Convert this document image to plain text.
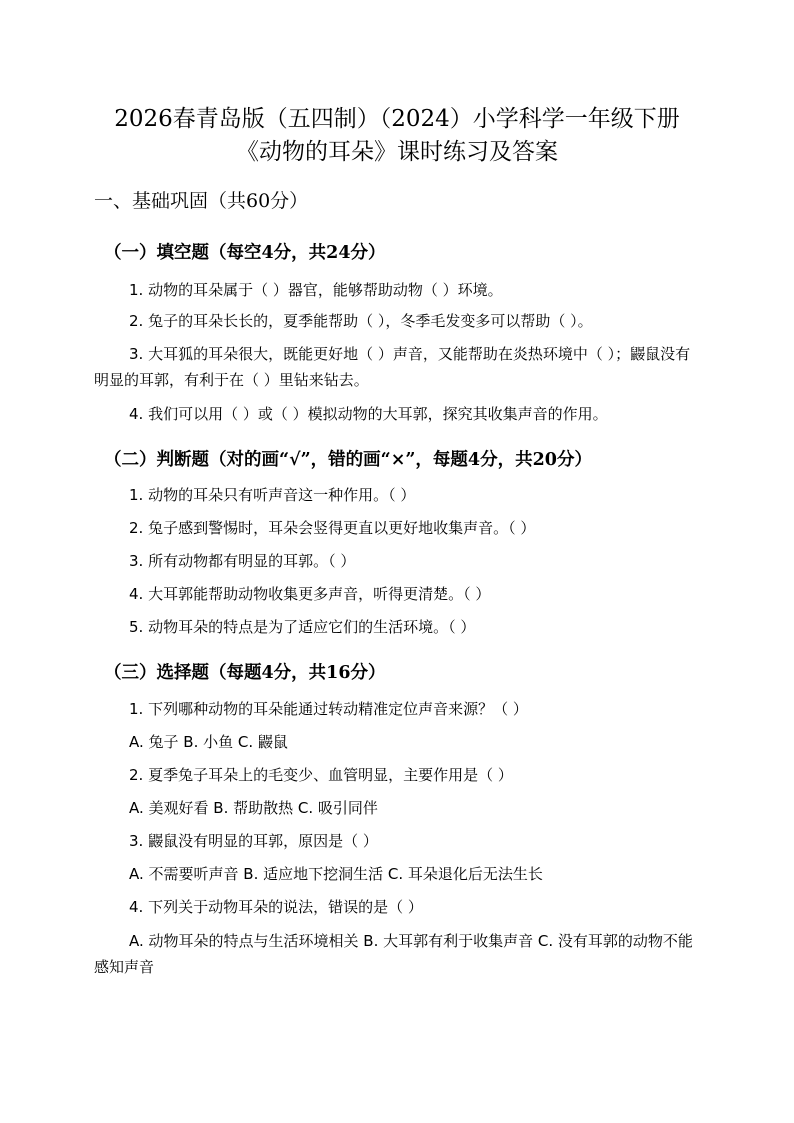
2026春青岛版（五四制）（2024）小学科学一年级下册
《动物的耳朵》课时练习及答案
一、基础巩固（共60分）
（一）填空题（每空4分，共24分）
1. 动物的耳朵属于（ ）器官，能够帮助动物（ ）环境。
2. 兔子的耳朵长长的，夏季能帮助（ ），冬季毛发变多可以帮助（ ）。
3. 大耳狐的耳朵很大，既能更好地（ ）声音，又能帮助在炎热环境中（ ）；鼹鼠没有明显的耳郭，有利于在（ ）里钻来钻去。
4. 我们可以用（ ）或（ ）模拟动物的大耳郭，探究其收集声音的作用。
（二）判断题（对的画“√”，错的画“×”，每题4分，共20分）
1. 动物的耳朵只有听声音这一种作用。（ ）
2. 兔子感到警惕时，耳朵会竖得更直以更好地收集声音。（ ）
3. 所有动物都有明显的耳郭。（ ）
4. 大耳郭能帮助动物收集更多声音，听得更清楚。（ ）
5. 动物耳朵的特点是为了适应它们的生活环境。（ ）
（三）选择题（每题4分，共16分）
1. 下列哪种动物的耳朵能通过转动精准定位声音来源？（ ）
A. 兔子 B. 小鱼 C. 鼹鼠
2. 夏季兔子耳朵上的毛变少、血管明显，主要作用是（ ）
A. 美观好看 B. 帮助散热 C. 吸引同伴
3. 鼹鼠没有明显的耳郭，原因是（ ）
A. 不需要听声音 B. 适应地下挖洞生活 C. 耳朵退化后无法生长
4. 下列关于动物耳朵的说法，错误的是（ ）
A. 动物耳朵的特点与生活环境相关 B. 大耳郭有利于收集声音 C. 没有耳郭的动物不能感知声音
